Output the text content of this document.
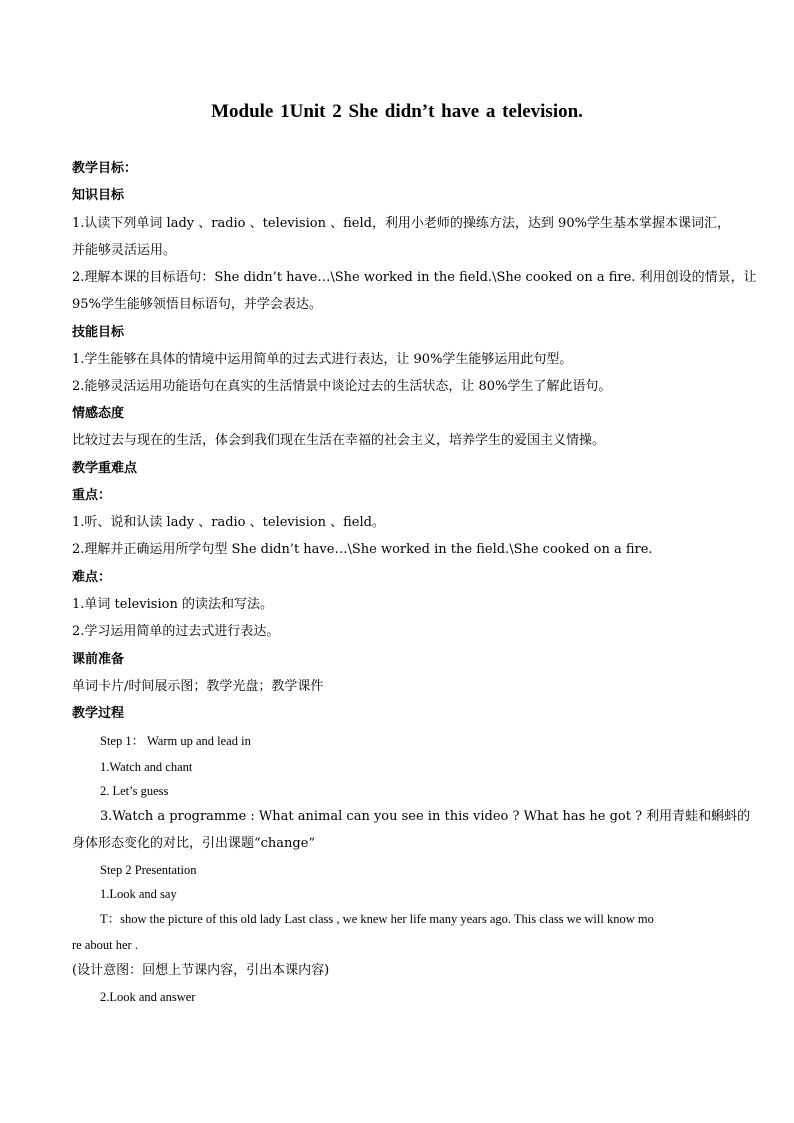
Module 1Unit 2 She didn’t have a television.
教学目标：
知识目标
1.认读下列单词 lady 、radio 、television 、field，利用小老师的操练方法，达到 90%学生基本掌握本课词汇，
并能够灵活运用。
2.理解本课的目标语句：She didn’t have…\She worked in the field.\She cooked on a fire. 利用创设的情景，让
95%学生能够领悟目标语句，并学会表达。
技能目标
1.学生能够在具体的情境中运用简单的过去式进行表达，让 90%学生能够运用此句型。
2.能够灵活运用功能语句在真实的生活情景中谈论过去的生活状态，让 80%学生了解此语句。
情感态度
比较过去与现在的生活，体会到我们现在生活在幸福的社会主义，培养学生的爱国主义情操。
教学重难点
重点：
1.听、说和认读 lady 、radio 、television 、field。
2.理解并正确运用所学句型 She didn’t have…\She worked in the field.\She cooked on a fire.
难点：
1.单词 television 的读法和写法。
2.学习运用简单的过去式进行表达。
课前准备
单词卡片/时间展示图；教学光盘；教学课件
教学过程
Step 1： Warm up and lead in
1.Watch and chant
2. Let’s guess
3.Watch a programme : What animal can you see in this video ? What has he got ? 利用青蛙和蝌蚪的
身体形态变化的对比，引出课题“change”
Step 2 Presentation
1.Look and say
T：show the picture of this old lady Last class , we knew her life many years ago. This class we will know mo
re about her .
(设计意图：回想上节课内容，引出本课内容)
2.Look and answer
